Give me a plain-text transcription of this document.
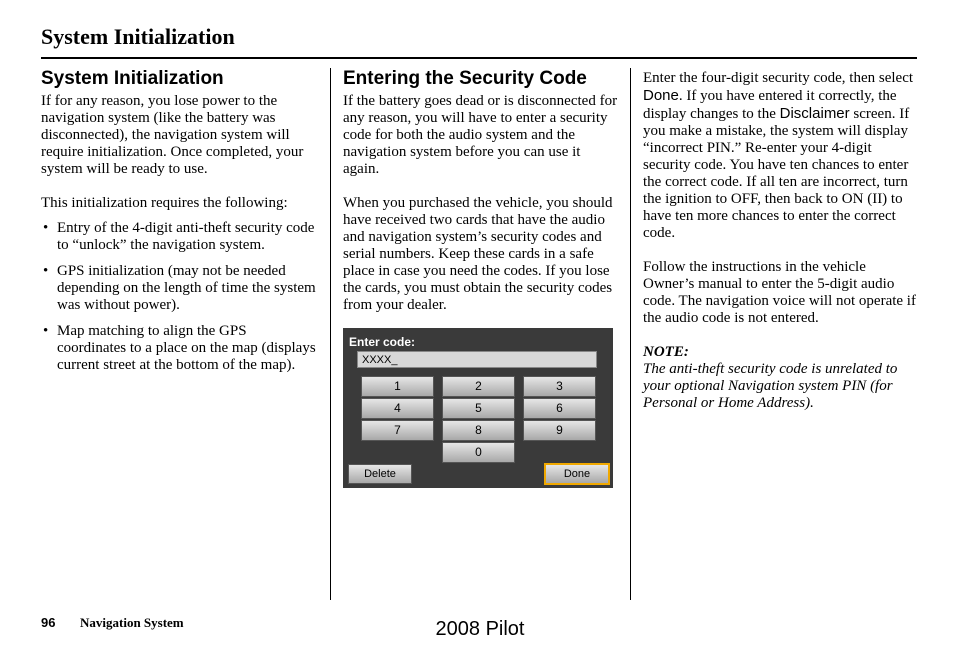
System Initialization
System Initialization

If for any reason, you lose power to the navigation system (like the battery was disconnected), the navigation system will require initialization. Once completed, your system will be ready to use.

This initialization requires the following:

• Entry of the 4-digit anti-theft security code to “unlock” the navigation system.
• GPS initialization (may not be needed depending on the length of time the system was without power).
• Map matching to align the GPS coordinates to a place on the map (displays current street at the bottom of the map).
Entering the Security Code

If the battery goes dead or is disconnected for any reason, you will have to enter a security code for both the audio system and the navigation system before you can use it again.

When you purchased the vehicle, you should have received two cards that have the audio and navigation system’s security codes and serial numbers. Keep these cards in a safe place in case you need the codes. If you lose the cards, you must obtain the security codes from your dealer.

Enter code:
XXXX_
1	2	3
4	5	6
7	8	9
0
Delete	Done

Enter the four-digit security code, then select Done. If you have entered it correctly, the display changes to the Disclaimer screen. If you make a mistake, the system will display “incorrect PIN.” Re-enter your 4-digit security code. You have ten chances to enter the correct code. If all ten are incorrect, turn the ignition to OFF, then back to ON (II) to have ten more chances to enter the correct code.

Follow the instructions in the vehicle Owner’s manual to enter the 5-digit audio code. The navigation voice will not operate if the audio code is not entered.

NOTE:

The anti-theft security code is unrelated to your optional Navigation system PIN (for Personal or Home Address).

96 Navigation System	2008 Pilot
